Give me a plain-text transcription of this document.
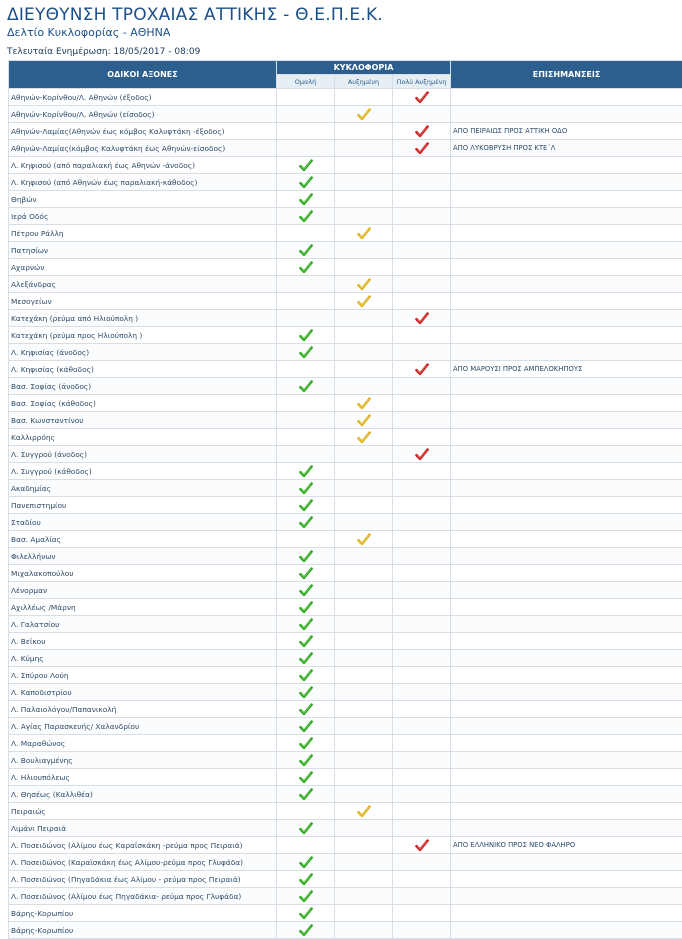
ΔΙΕΥΘΥΝΣΗ ΤΡΟΧΑΙΑΣ ΑΤΤΙΚΗΣ - Θ.Ε.Π.Ε.Κ.
Δελτίο Κυκλοφορίας - ΑΘΗΝΑ
Τελευταία Ενημέρωση: 18/05/2017 - 08:09
ΟΔΙΚΟΙ ΑΞΟΝΕΣ	ΚΥΚΛΟΦΟΡΙΑ			ΕΠΙΣΗΜΑΝΣΕΙΣ
	Ομαλή	Αυξημένη	Πολύ Αυξημένη	
Αθηνών-Κορίνθου/Λ. Αθηνών (έξοδος)				
Αθηνών-Κορίνθου/Λ. Αθηνών (είσοδος)				
Αθηνών-Λαμίας(Αθηνών έως κόμβος Καλυφτάκη -έξοδος)				ΑΠΟ ΠΕΙΡΑΙΩΣ ΠΡΟΣ ΑΤΤΙΚΗ ΟΔΟ
Αθηνών-Λαμίας(κόμβος Καλυφτάκη έως Αθηνών-είσοδος)				ΑΠΟ ΛΥΚΟΒΡΥΣΗ ΠΡΟΣ ΚΤΕ΄Λ
Λ. Κηφισού (από παραλιακή έως Αθηνών -άνοδος)				
Λ. Κηφισού (από Αθηνών έως παραλιακή-κάθοδος)				
Θηβών				
Ιερά Οδός				
Πέτρου Ράλλη				
Πατησίων				
Αχαρνών				
Αλεξάνδρας				
Μεσογείων				
Κατεχάκη (ρεύμα από Ηλιούπολη )				
Κατεχάκη (ρεύμα προς Ηλιούπολη )				
Λ. Κηφισίας (άνοδος)				
Λ. Κηφισίας (κάθοδος)				ΑΠΟ ΜΑΡΟΥΣΙ ΠΡΟΣ ΑΜΠΕΛΟΚΗΠΟΥΣ
Βασ. Σοφίας (άνοδος)				
Βασ. Σοφίας (κάθοδος)				
Βασ. Κωνσταντίνου				
Καλλιρρόης				
Λ. Συγγρού (άνοδος)				
Λ. Συγγρού (κάθοδος)				
Ακαδημίας				
Πανεπιστημίου				
Σταδίου				
Βασ. Αμαλίας				
Φιλελλήνων				
Μιχαλακοπούλου				
Λένορμαν				
Αχιλλέως /Μάρνη				
Λ. Γαλατσίου				
Λ. Βεϊκου				
Λ. Κύμης				
Λ. Σπύρου Λούη				
Λ. Καποδιστρίου				
Λ. Παλαιολόγου/Παπανικολή				
Λ. Αγίας Παρασκευής/ Χαλανδρίου				
Λ. Μαραθώνος				
Λ. Βουλιαγμένης				
Λ. Ηλιουπόλεως				
Λ. Θησέως (Καλλιθέα)				
Πειραιώς				
Λιμάνι Πειραιά				
Λ. Ποσειδώνος (Αλίμου έως Καραϊσκάκη -ρεύμα προς Πειραιά)				ΑΠΟ ΕΛΛΗΝΙΚΟ ΠΡΟΣ ΝΕΟ ΦΑΛΗΡΟ
Λ. Ποσειδώνος (Καραϊσκάκη έως Αλίμου-ρεύμα προς Γλυφάδα)				
Λ. Ποσειδώνος (Πηγαδάκια έως Αλίμου - ρεύμα προς Πειραιά)				
Λ. Ποσειδώνος (Αλίμου έως Πηγαδάκια- ρεύμα προς Γλυφάδα)				
Βάρης-Κορωπίου				
Βάρης-Κορωπίου				
